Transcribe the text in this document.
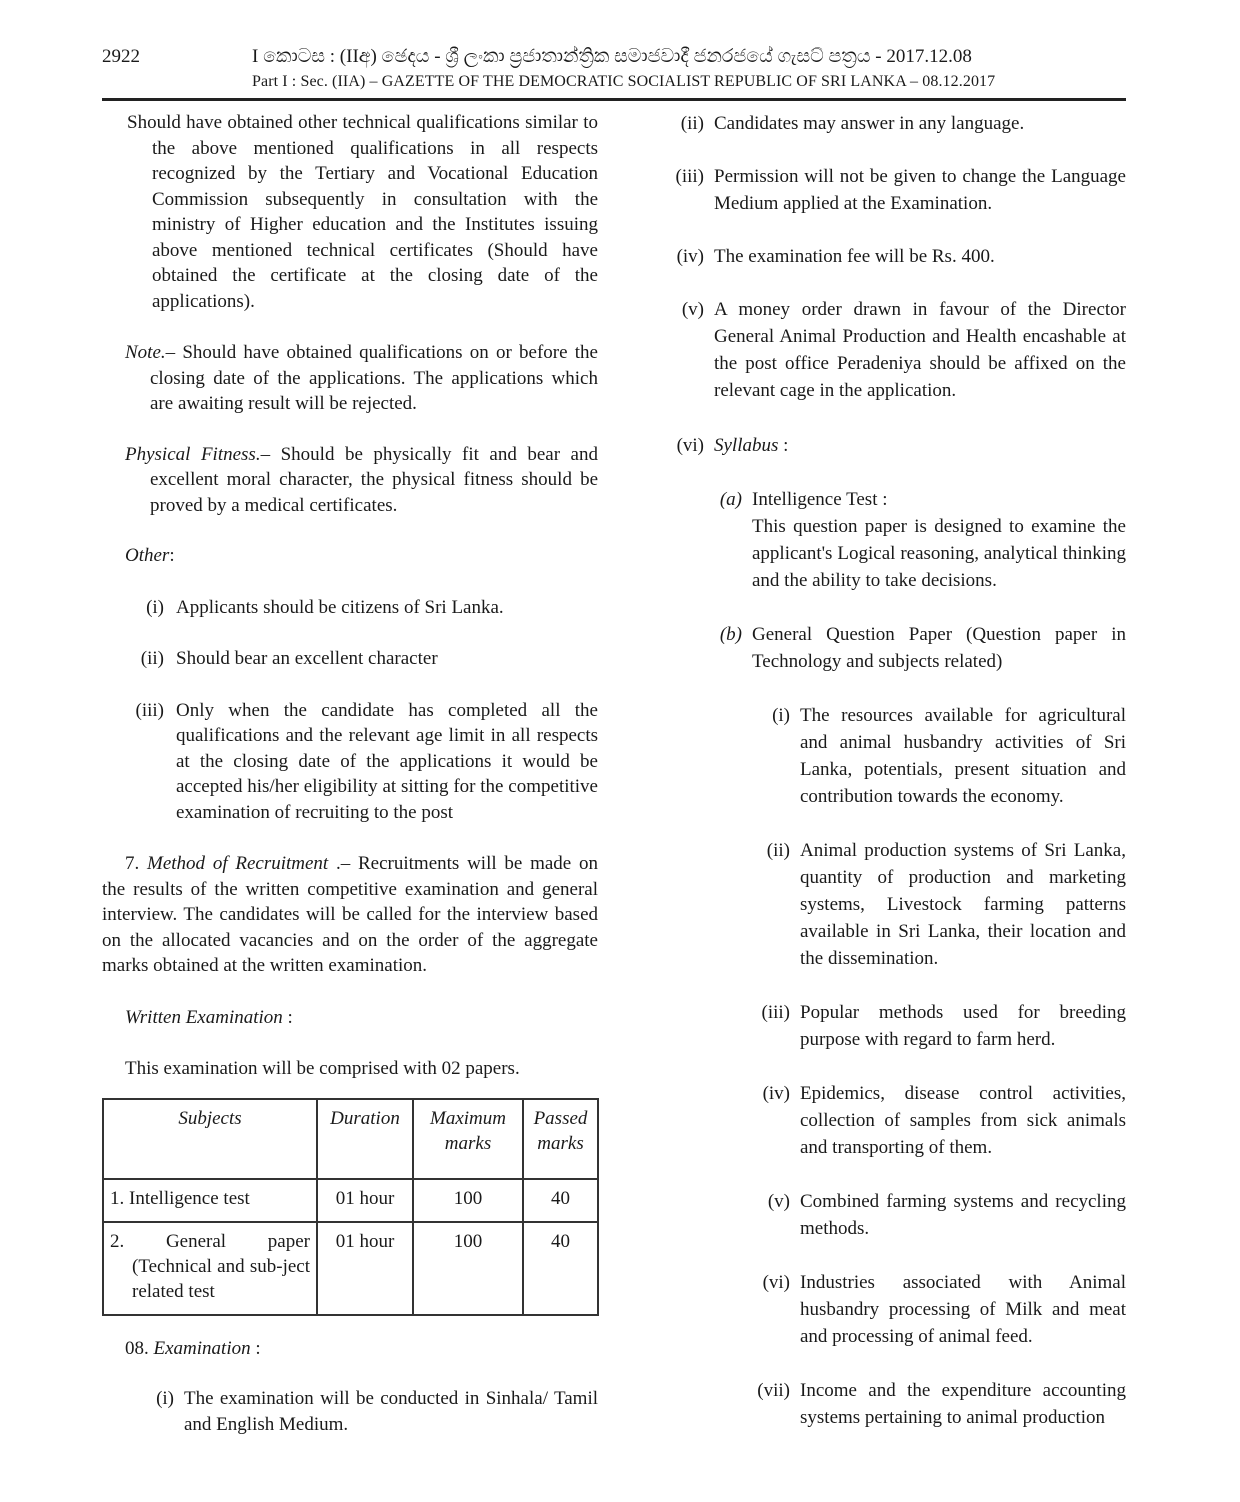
2922	I කොටස : (IIඅ) ඡෙදය - ශ්‍රී ලංකා ප්‍රජාතාන්ත්‍රික සමාජවාදී ජනරජයේ ගැසට් පත්‍රය - 2017.12.08
Part I : Sec. (IIA) – GAZETTE OF THE DEMOCRATIC SOCIALIST REPUBLIC OF SRI LANKA – 08.12.2017

Should have obtained other technical qualifications similar to the above mentioned qualifications in all respects recognized by the Tertiary and Vocational Education Commission subsequently in consultation with the ministry of Higher education and the Institutes issuing above mentioned technical certificates (Should have obtained the certificate at the closing date of the applications).

Note.– Should have obtained qualifications on or before the closing date of the applications. The applications which are awaiting result will be rejected.

Physical Fitness.– Should be physically fit and bear and excellent moral character, the physical fitness should be proved by a medical certificates.

Other:

(i) Applicants should be citizens of Sri Lanka.
(ii) Should bear an excellent character
(iii) Only when the candidate has completed all the qualifications and the relevant age limit in all respects at the closing date of the applications it would be accepted his/her eligibility at sitting for the competitive examination of recruiting to the post

7. Method of Recruitment .– Recruitments will be made on the results of the written competitive examination and general interview. The candidates will be called for the interview based on the allocated vacancies and on the order of the aggregate marks obtained at the written examination.

Written Examination :

This examination will be comprised with 02 papers.

Subjects	Duration	Maximum marks	Passed marks
1. Intelligence test	01 hour	100	40
2. General paper (Technical and sub-ject related test	01 hour	100	40

08. Examination :

(i) The examination will be conducted in Sinhala/ Tamil and English Medium.
(ii) Candidates may answer in any language.
(iii) Permission will not be given to change the Language Medium applied at the Examination.
(iv) The examination fee will be Rs. 400.
(v) A money order drawn in favour of the Director General Animal Production and Health encashable at the post office Peradeniya should be affixed on the relevant cage in the application.
(vi) Syllabus :
(a) Intelligence Test :
This question paper is designed to examine the applicant's Logical reasoning, analytical thinking and the ability to take decisions.
(b) General Question Paper (Question paper in Technology and subjects related)
(i) The resources available for agricultural and animal husbandry activities of Sri Lanka, potentials, present situation and contribution towards the economy.
(ii) Animal production systems of Sri Lanka, quantity of production and marketing systems, Livestock farming patterns available in Sri Lanka, their location and the dissemination.
(iii) Popular methods used for breeding purpose with regard to farm herd.
(iv) Epidemics, disease control activities, collection of samples from sick animals and transporting of them.
(v) Combined farming systems and recycling methods.
(vi) Industries associated with Animal husbandry processing of Milk and meat and processing of animal feed.
(vii) Income and the expenditure accounting systems pertaining to animal production
